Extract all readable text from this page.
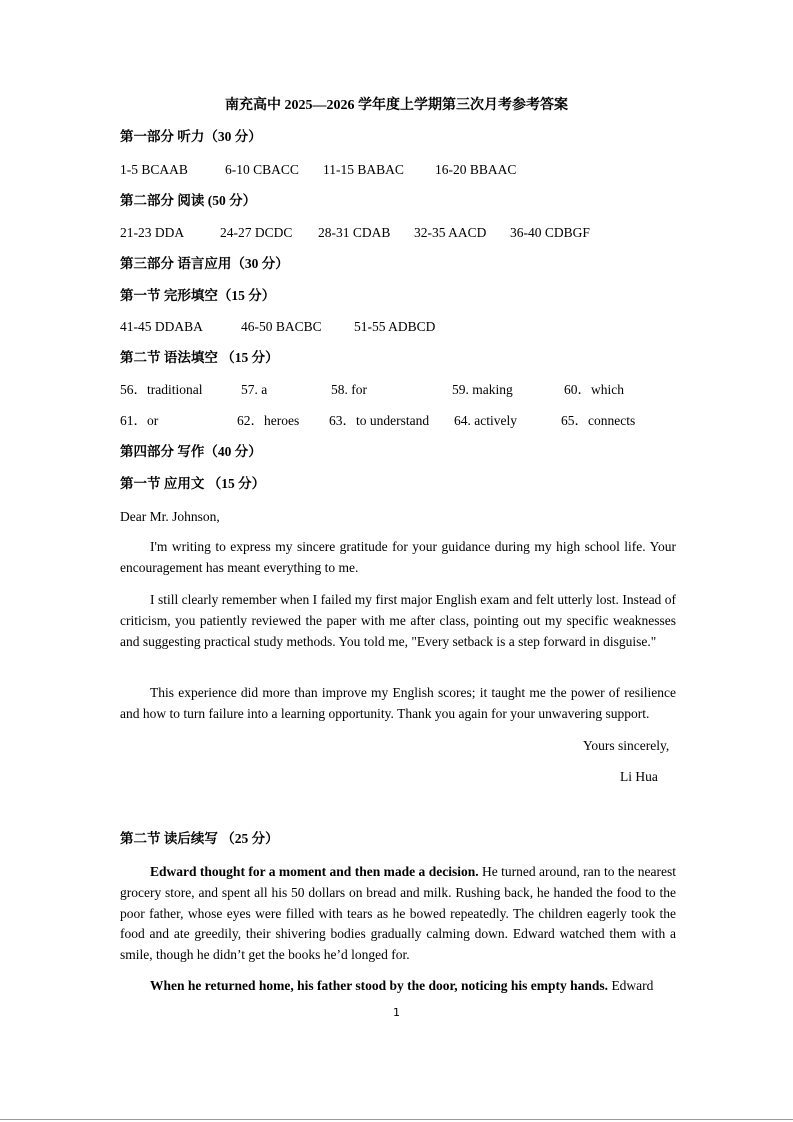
南充高中 2025—2026 学年度上学期第三次月考参考答案
第一部分 听力（30 分）
1-5 BCAAB	6-10 CBACC 11-15 BABAC 16-20 BBAAC
第二部分 阅读 (50 分）
21-23 DDA	24-27 DCDC 28-31 CDAB 32-35 AACD 36-40 CDBGF
第三部分 语言应用（30 分）
第一节 完形填空（15 分）
41-45 DDABA	46-50 BACBC 51-55 ADBCD
第二节 语法填空 （15 分）
56．traditional	57. a	58. for	59. making	60．which
61．or	62．heroes 63．to understand 64. actively	65．connects
第四部分 写作（40 分）
第一节 应用文 （15 分）
Dear Mr. Johnson,

I'm writing to express my sincere gratitude for your guidance during my high school life. Your encouragement has meant everything to me.

I still clearly remember when I failed my first major English exam and felt utterly lost. Instead of criticism, you patiently reviewed the paper with me after class, pointing out my specific weaknesses and suggesting practical study methods. You told me, "Every setback is a step forward in disguise."

This experience did more than improve my English scores; it taught me the power of resilience and how to turn failure into a learning opportunity. Thank you again for your unwavering support.

Yours sincerely,
Li Hua
第二节 读后续写 （25 分）

Edward thought for a moment and then made a decision. He turned around, ran to the nearest grocery store, and spent all his 50 dollars on bread and milk. Rushing back, he handed the food to the poor father, whose eyes were filled with tears as he bowed repeatedly. The children eagerly took the food and ate greedily, their shivering bodies gradually calming down. Edward watched them with a smile, though he didn’t get the books he’d longed for.

When he returned home, his father stood by the door, noticing his empty hands. Edward

1
